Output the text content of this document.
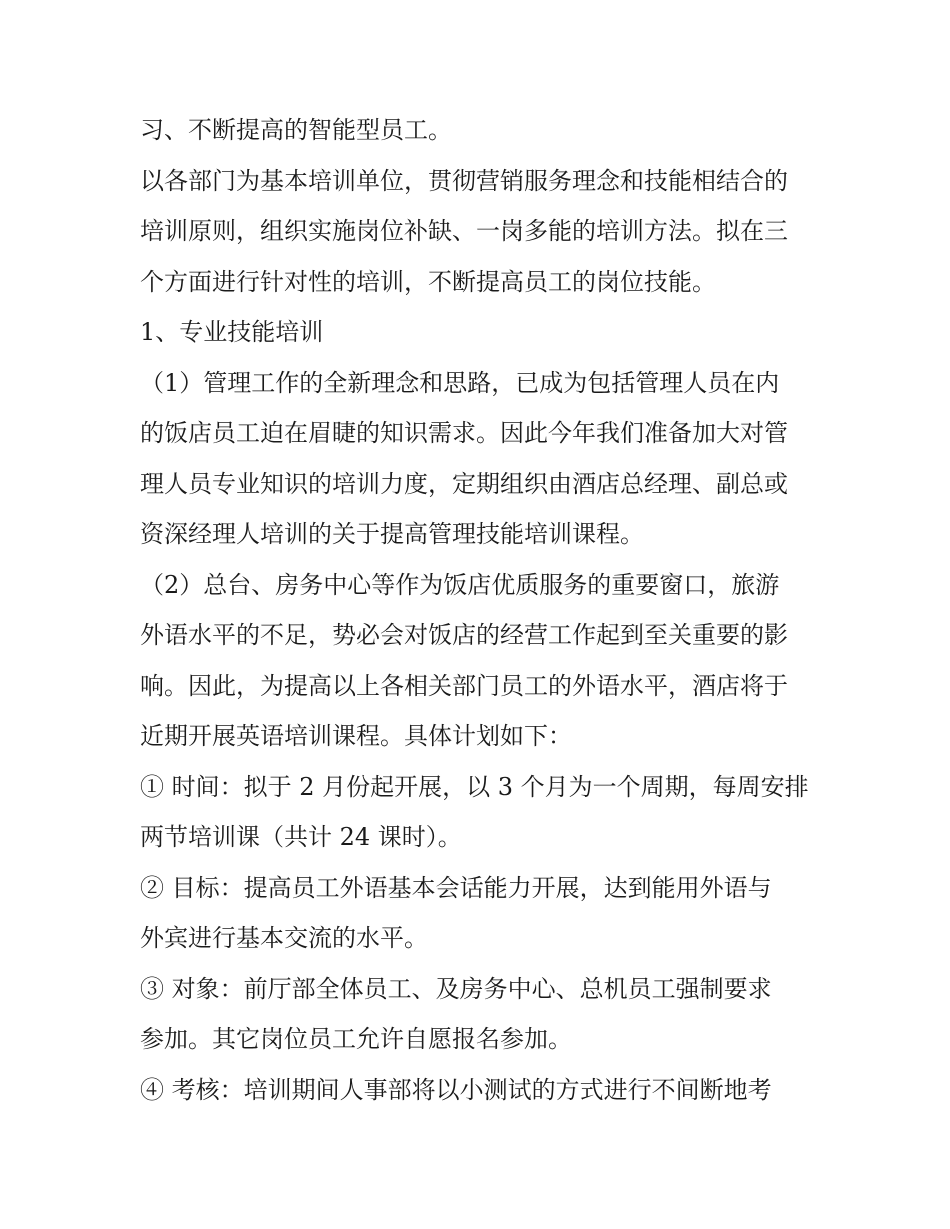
习、不断提高的智能型员工。
以各部门为基本培训单位，贯彻营销服务理念和技能相结合的
培训原则，组织实施岗位补缺、一岗多能的培训方法。拟在三
个方面进行针对性的培训，不断提高员工的岗位技能。
1、专业技能培训
（1）管理工作的全新理念和思路，已成为包括管理人员在内
的饭店员工迫在眉睫的知识需求。因此今年我们准备加大对管
理人员专业知识的培训力度，定期组织由酒店总经理、副总或
资深经理人培训的关于提高管理技能培训课程。
（2）总台、房务中心等作为饭店优质服务的重要窗口，旅游
外语水平的不足，势必会对饭店的经营工作起到至关重要的影
响。因此，为提高以上各相关部门员工的外语水平，酒店将于
近期开展英语培训课程。具体计划如下：
① 时间：拟于 2 月份起开展，以 3 个月为一个周期，每周安排
两节培训课（共计 24 课时）。
② 目标：提高员工外语基本会话能力开展，达到能用外语与
外宾进行基本交流的水平。
③ 对象：前厅部全体员工、及房务中心、总机员工强制要求
参加。其它岗位员工允许自愿报名参加。
④ 考核：培训期间人事部将以小测试的方式进行不间断地考
